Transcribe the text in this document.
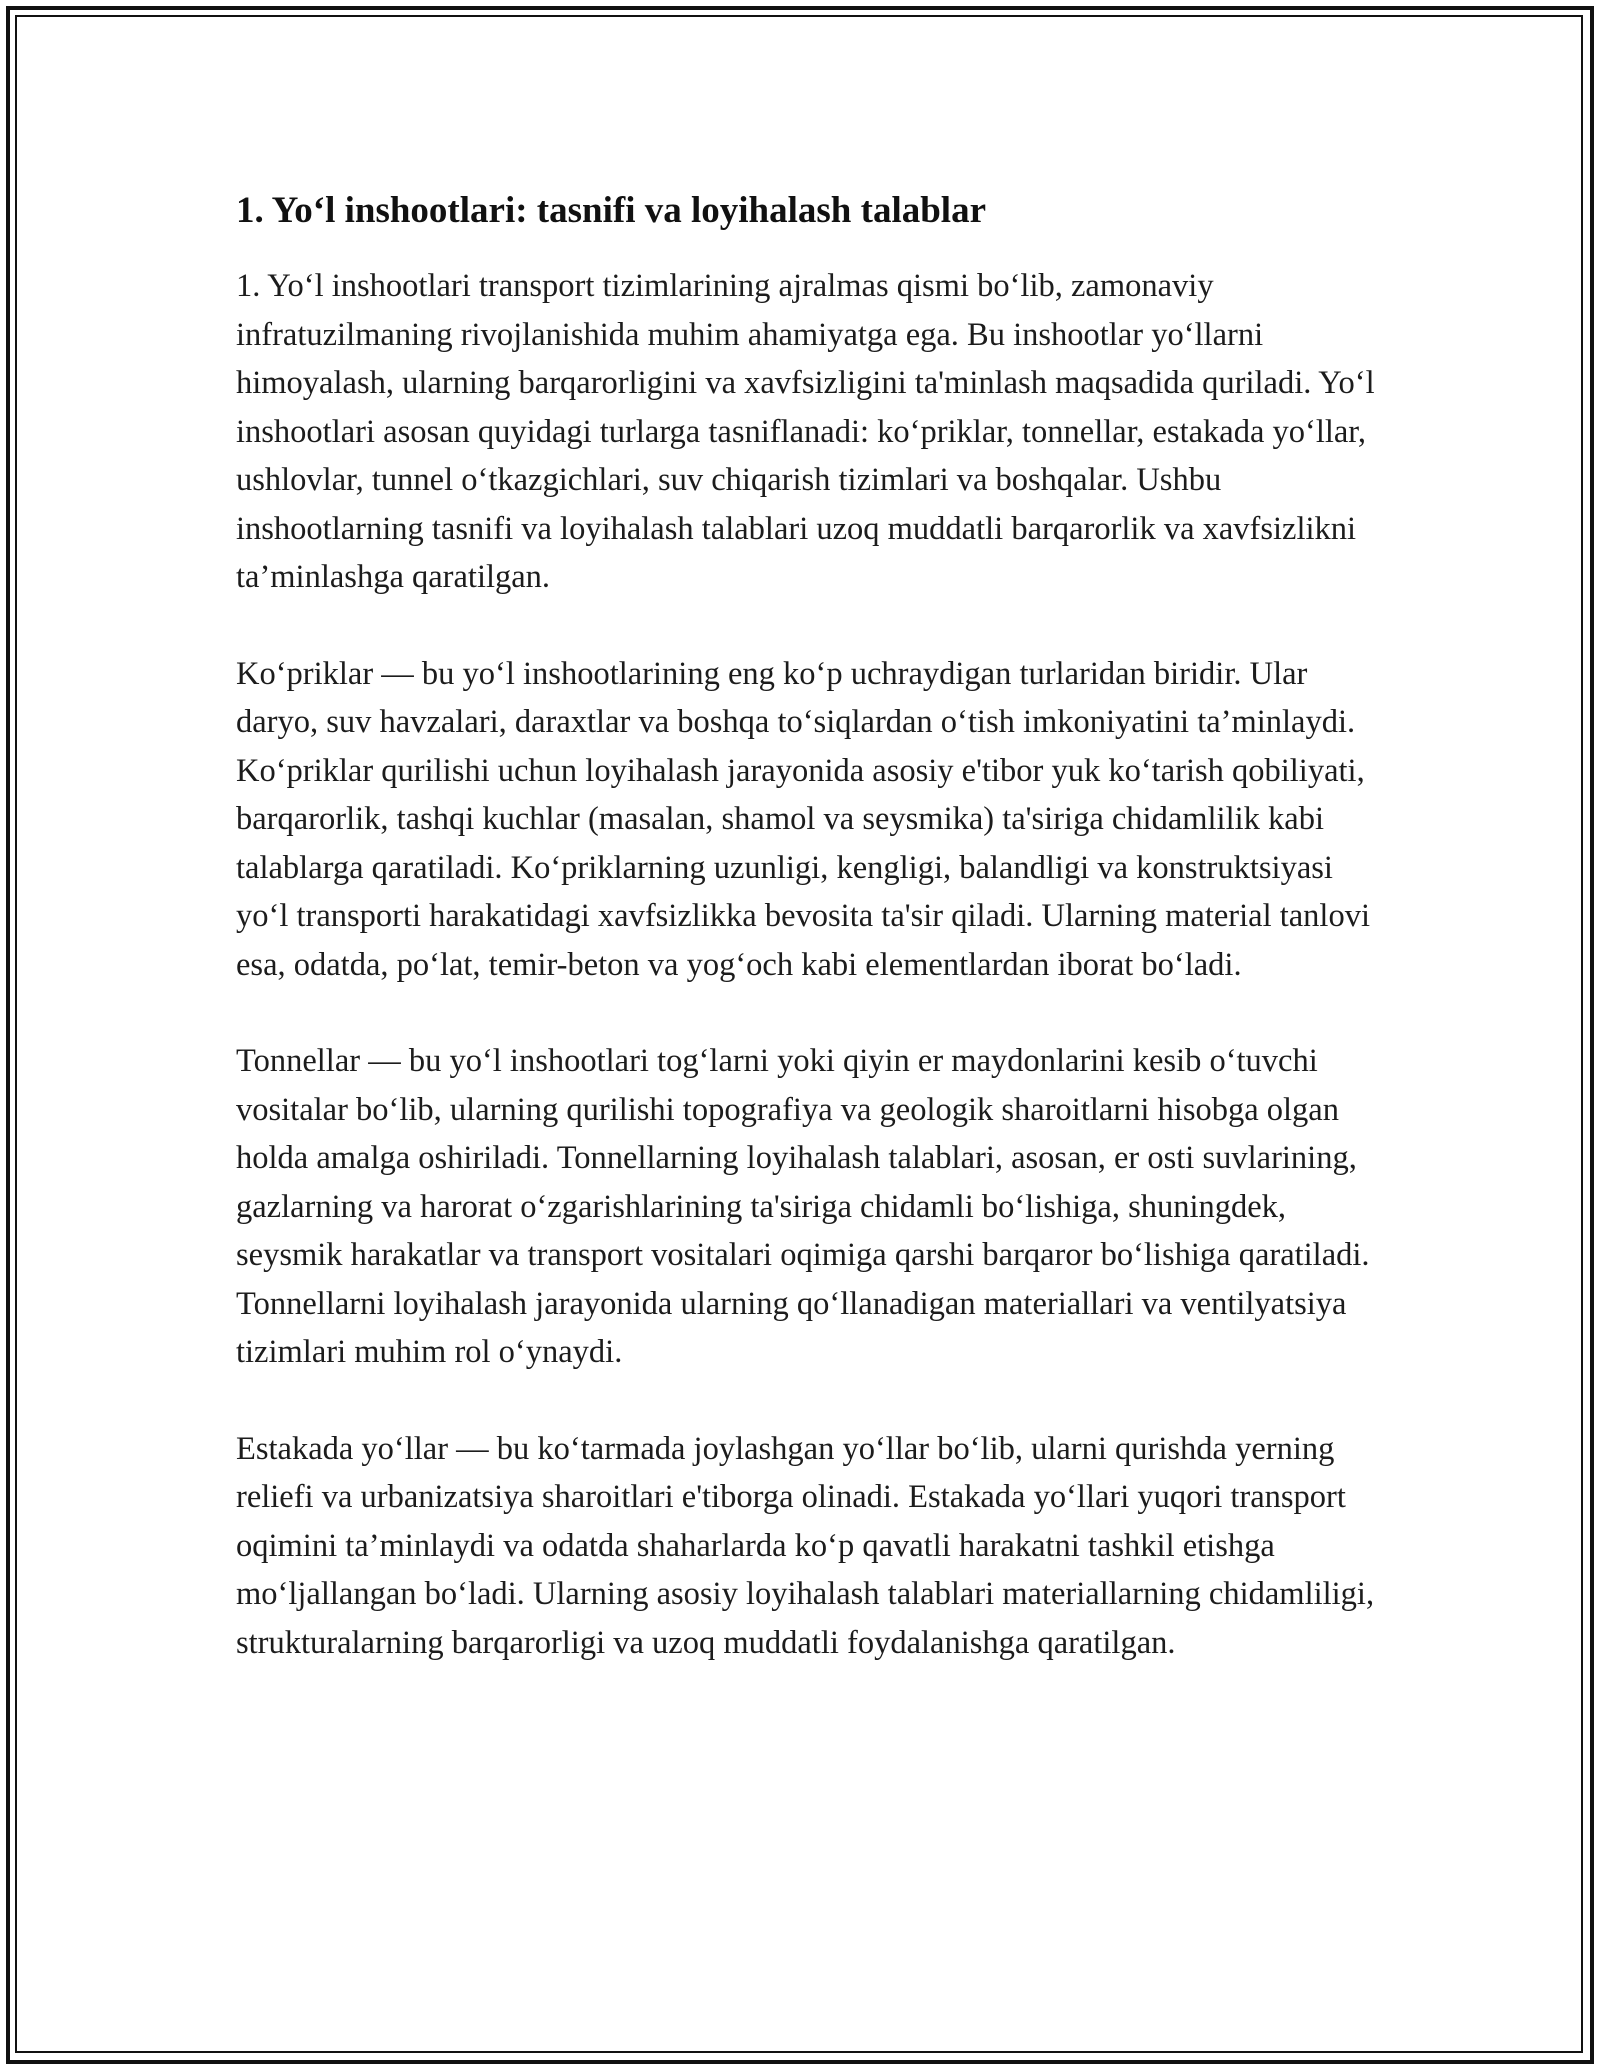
1. Yo‘l inshootlari: tasnifi va loyihalash talablar

1. Yo‘l inshootlari transport tizimlarining ajralmas qismi bo‘lib, zamonaviy infratuzilmaning rivojlanishida muhim ahamiyatga ega. Bu inshootlar yo‘llarni himoyalash, ularning barqarorligini va xavfsizligini ta'minlash maqsadida quriladi. Yo‘l inshootlari asosan quyidagi turlarga tasniflanadi: ko‘priklar, tonnellar, estakada yo‘llar, ushlovlar, tunnel o‘tkazgichlari, suv chiqarish tizimlari va boshqalar. Ushbu inshootlarning tasnifi va loyihalash talablari uzoq muddatli barqarorlik va xavfsizlikni ta’minlashga qaratilgan.

Ko‘priklar — bu yo‘l inshootlarining eng ko‘p uchraydigan turlaridan biridir. Ular daryo, suv havzalari, daraxtlar va boshqa to‘siqlardan o‘tish imkoniyatini ta’minlaydi. Ko‘priklar qurilishi uchun loyihalash jarayonida asosiy e'tibor yuk ko‘tarish qobiliyati, barqarorlik, tashqi kuchlar (masalan, shamol va seysmika) ta'siriga chidamlilik kabi talablarga qaratiladi. Ko‘priklarning uzunligi, kengligi, balandligi va konstruktsiyasi yo‘l transporti harakatidagi xavfsizlikka bevosita ta'sir qiladi. Ularning material tanlovi esa, odatda, po‘lat, temir-beton va yog‘och kabi elementlardan iborat bo‘ladi.

Tonnellar — bu yo‘l inshootlari tog‘larni yoki qiyin er maydonlarini kesib o‘tuvchi vositalar bo‘lib, ularning qurilishi topografiya va geologik sharoitlarni hisobga olgan holda amalga oshiriladi. Tonnellarning loyihalash talablari, asosan, er osti suvlarining, gazlarning va harorat o‘zgarishlarining ta'siriga chidamli bo‘lishiga, shuningdek, seysmik harakatlar va transport vositalari oqimiga qarshi barqaror bo‘lishiga qaratiladi. Tonnellarni loyihalash jarayonida ularning qo‘llanadigan materiallari va ventilyatsiya tizimlari muhim rol o‘ynaydi.

Estakada yo‘llar — bu ko‘tarmada joylashgan yo‘llar bo‘lib, ularni qurishda yerning reliefi va urbanizatsiya sharoitlari e'tiborga olinadi. Estakada yo‘llari yuqori transport oqimini ta’minlaydi va odatda shaharlarda ko‘p qavatli harakatni tashkil etishga mo‘ljallangan bo‘ladi. Ularning asosiy loyihalash talablari materiallarning chidamliligi, strukturalarning barqarorligi va uzoq muddatli foydalanishga qaratilgan.
